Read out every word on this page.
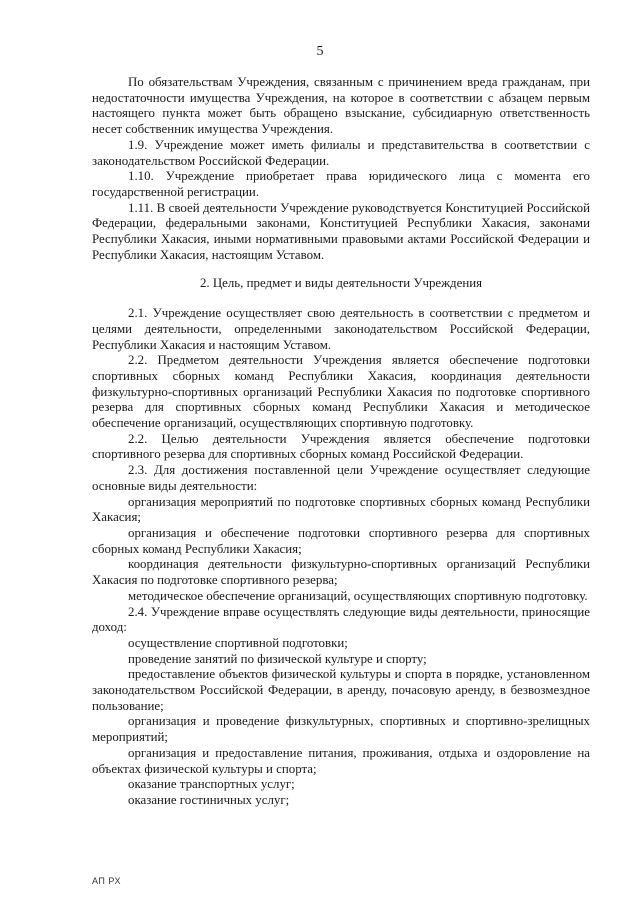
5

По обязательствам Учреждения, связанным с причинением вреда гражданам, при недостаточности имущества Учреждения, на которое в соответствии с абзацем первым настоящего пункта может быть обращено взыскание, субсидиарную ответственность несет собственник имущества Учреждения.

1.9. Учреждение может иметь филиалы и представительства в соответствии с законодательством Российской Федерации.

1.10. Учреждение приобретает права юридического лица с момента его государственной регистрации.

1.11. В своей деятельности Учреждение руководствуется Конституцией Российской Федерации, федеральными законами, Конституцией Республики Хакасия, законами Республики Хакасия, иными нормативными правовыми актами Российской Федерации и Республики Хакасия, настоящим Уставом.

2. Цель, предмет и виды деятельности Учреждения

2.1. Учреждение осуществляет свою деятельность в соответствии с предметом и целями деятельности, определенными законодательством Российской Федерации, Республики Хакасия и настоящим Уставом.

2.2. Предметом деятельности Учреждения является обеспечение подготовки спортивных сборных команд Республики Хакасия, координация деятельности физкультурно-спортивных организаций Республики Хакасия по подготовке спортивного резерва для спортивных сборных команд Республики Хакасия и методическое обеспечение организаций, осуществляющих спортивную подготовку.

2.2. Целью деятельности Учреждения является обеспечение подготовки спортивного резерва для спортивных сборных команд Российской Федерации.

2.3. Для достижения поставленной цели Учреждение осуществляет следующие основные виды деятельности:

организация мероприятий по подготовке спортивных сборных команд Республики Хакасия;

организация и обеспечение подготовки спортивного резерва для спортивных сборных команд Республики Хакасия;

координация деятельности физкультурно-спортивных организаций Республики Хакасия по подготовке спортивного резерва;

методическое обеспечение организаций, осуществляющих спортивную подготовку.

2.4. Учреждение вправе осуществлять следующие виды деятельности, приносящие доход:

осуществление спортивной подготовки;

проведение занятий по физической культуре и спорту;

предоставление объектов физической культуры и спорта в порядке, установленном законодательством Российской Федерации, в аренду, почасовую аренду, в безвозмездное пользование;

организация и проведение физкультурных, спортивных и спортивно-зрелищных мероприятий;

организация и предоставление питания, проживания, отдыха и оздоровление на объектах физической культуры и спорта;

оказание транспортных услуг;

оказание гостиничных услуг;

АП РХ
